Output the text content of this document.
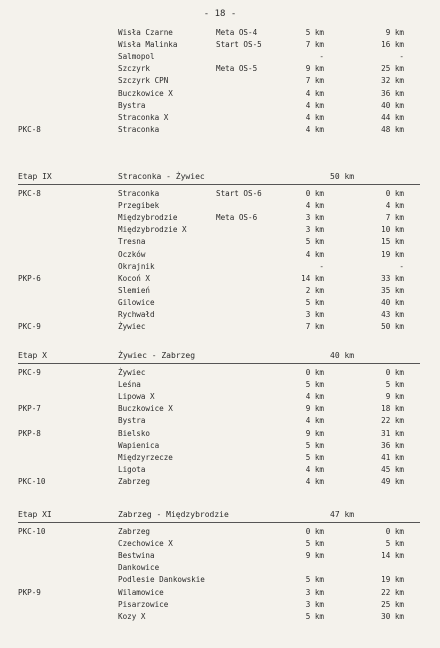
- 18 -
Wisła Czarne	Meta OS-4	5 km	9 km
Wisła Malinka	Start OS-5	7 km	16 km
Salmopol	-	-
Szczyrk	Meta OS-5	9 km	25 km
Szczyrk CPN	7 km	32 km
Buczkowice X	4 km	36 km
Bystra	4 km	40 km
Straconka X	4 km	44 km
PKC-8	Straconka	4 km	48 km
Etap IX	Straconka - Żywiec	50 km
PKC-8	Straconka	Start OS-6	0 km	0 km
Przegibek	4 km	4 km
Międzybrodzie	Meta OS-6	3 km	7 km
Międzybrodzie X	3 km	10 km
Tresna	5 km	15 km
Oczków	4 km	19 km
Okrajnik	-	-
PKP-6	Kocoń X	14 km	33 km
Slemień	2 km	35 km
Gilowice	5 km	40 km
Rychwałd	3 km	43 km
PKC-9	Żywiec	7 km	50 km
Etap X	Żywiec - Zabrzeg	40 km
PKC-9	Żywiec	0 km	0 km
Leśna	5 km	5 km
Lipowa X	4 km	9 km
PKP-7	Buczkowice X	9 km	18 km
Bystra	4 km	22 km
PKP-8	Bielsko	9 km	31 km
Wapienica	5 km	36 km
Międzyrzecze	5 km	41 km
Ligota	4 km	45 km
PKC-10	Zabrzeg	4 km	49 km
Etap XI	Zabrzeg - Międzybrodzie	47 km
PKC-10	Zabrzeg	0 km	0 km
Czechowice X	5 km	5 km
Bestwina	9 km	14 km
Dankowice
Podlesie Dankowskie	5 km	19 km
PKP-9	Wilamowice	3 km	22 km
Pisarzowice	3 km	25 km
Kozy X	5 km	30 km
